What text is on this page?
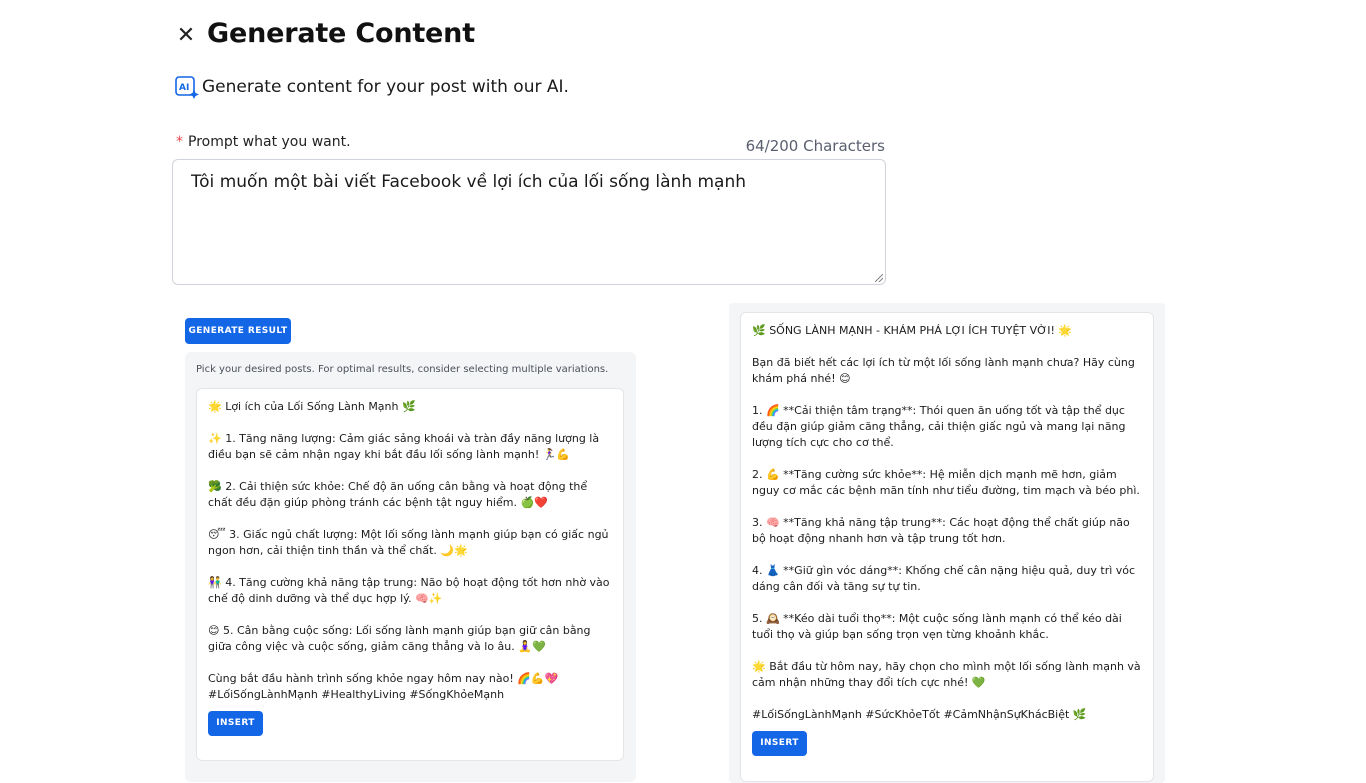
✕ Generate Content
AI Generate content for your post with our AI.
* Prompt what you want.	64/200 Characters
Tôi muốn một bài viết Facebook về lợi ích của lối sống lành mạnh
GENERATE RESULT
Pick your desired posts. For optimal results, consider selecting multiple variations.
🌟 Lợi ích của Lối Sống Lành Mạnh 🌿

✨ 1. Tăng năng lượng: Cảm giác sảng khoái và tràn đầy năng lượng là điều bạn sẽ cảm nhận ngay khi bắt đầu lối sống lành mạnh! 🏃‍♀️💪

🥦 2. Cải thiện sức khỏe: Chế độ ăn uống cân bằng và hoạt động thể chất đều đặn giúp phòng tránh các bệnh tật nguy hiểm. 🍏❤️

😴 3. Giấc ngủ chất lượng: Một lối sống lành mạnh giúp bạn có giấc ngủ ngon hơn, cải thiện tinh thần và thể chất. 🌙🌟

👫 4. Tăng cường khả năng tập trung: Não bộ hoạt động tốt hơn nhờ vào chế độ dinh dưỡng và thể dục hợp lý. 🧠✨

😊 5. Cân bằng cuộc sống: Lối sống lành mạnh giúp bạn giữ cân bằng giữa công việc và cuộc sống, giảm căng thẳng và lo âu. 🧘‍♀️💚

Cùng bắt đầu hành trình sống khỏe ngay hôm nay nào! 🌈💪💖
#LốiSốngLànhMạnh #HealthyLiving #SốngKhỏeMạnh
INSERT
🌿 SỐNG LÀNH MẠNH - KHÁM PHÁ LỢI ÍCH TUYỆT VỜI! 🌟

Bạn đã biết hết các lợi ích từ một lối sống lành mạnh chưa? Hãy cùng khám phá nhé! 😊

1. 🌈 **Cải thiện tâm trạng**: Thói quen ăn uống tốt và tập thể dục đều đặn giúp giảm căng thẳng, cải thiện giấc ngủ và mang lại năng lượng tích cực cho cơ thể.

2. 💪 **Tăng cường sức khỏe**: Hệ miễn dịch mạnh mẽ hơn, giảm nguy cơ mắc các bệnh mãn tính như tiểu đường, tim mạch và béo phì.

3. 🧠 **Tăng khả năng tập trung**: Các hoạt động thể chất giúp não bộ hoạt động nhanh hơn và tập trung tốt hơn.

4. 👗 **Giữ gìn vóc dáng**: Khống chế cân nặng hiệu quả, duy trì vóc dáng cân đối và tăng sự tự tin.

5. 🕰️ **Kéo dài tuổi thọ**: Một cuộc sống lành mạnh có thể kéo dài tuổi thọ và giúp bạn sống trọn vẹn từng khoảnh khắc.

🌟 Bắt đầu từ hôm nay, hãy chọn cho mình một lối sống lành mạnh và cảm nhận những thay đổi tích cực nhé! 💚

#LốiSốngLànhMạnh #SứcKhỏeTốt #CảmNhậnSựKhácBiệt 🌿
INSERT
